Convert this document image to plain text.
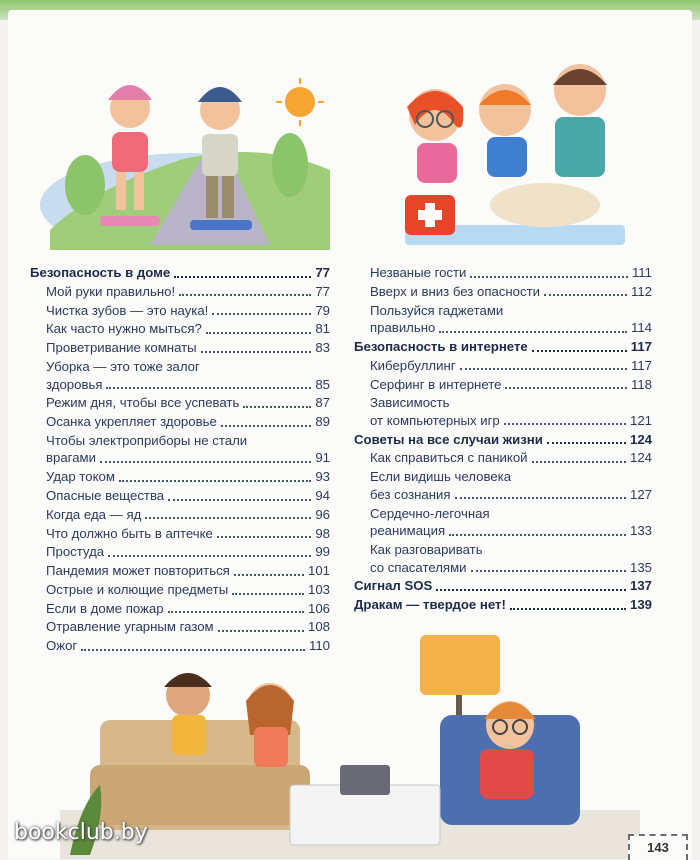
Безопасность в доме	77
Мой руки правильно!	77
Чистка зубов — это наука!	79
Как часто нужно мыться?	81
Проветривание комнаты	83
Уборка — это тоже залог
здоровья	85
Режим дня, чтобы все успевать	87
Осанка укрепляет здоровье	89
Чтобы электроприборы не стали
врагами	91
Удар током	93
Опасные вещества	94
Когда еда — яд	96
Что должно быть в аптечке	98
Простуда	99
Пандемия может повториться	101
Острые и колющие предметы	103
Если в доме пожар	106
Отравление угарным газом	108
Ожог	110
Незваные гости	111
Вверх и вниз без опасности	112
Пользуйся гаджетами
правильно	114
Безопасность в интернете	117
Кибербуллинг	117
Серфинг в интернете	118
Зависимость
от компьютерных игр	121
Советы на все случаи жизни	124
Как справиться с паникой	124
Если видишь человека
без сознания	127
Сердечно-легочная
реанимация	133
Как разговаривать
со спасателями	135
Сигнал SOS	137
Дракам — твердое нет!	139
bookclub.by
143
